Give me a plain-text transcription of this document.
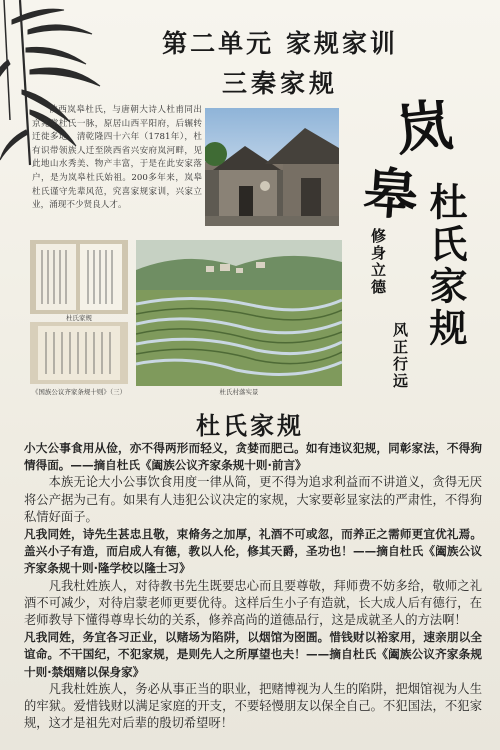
第二单元 家规家训
三秦家规
陕西岚皋杜氏，与唐朝大诗人杜甫同出京兆堂杜氏一脉，原居山西平阳府，后辗转迁徙多地。清乾隆四十六年（1781年），杜有识带领族人迁至陕西省兴安府岚河畔，见此地山水秀美、物产丰富，于是在此安家落户，是为岚皋杜氏始祖。200多年来，岚皋杜氏谨守先辈风范，究喜家规家训，兴家立业，涌现不少贤良人才。
杜氏家规

《国族公议齐家条规十则》（三）	杜氏村落实景
岚
皋 杜氏家规
修身立德
风正行远
杜氏家规

小大公事食用从俭，亦不得两形而轻义，贪婪而肥己。如有违议犯规，同彰家法，不得狗情得面。——摘自杜氏《阖族公议齐家条规十则·前言》

本族无论大小公事饮食用度一律从简，更不得为追求利益而不讲道义，贪得无厌将公产据为己有。如果有人违犯公议决定的家规，大家要彰显家法的严肃性，不得狗私情好面子。

凡我同姓，诗先生甚忠且敬，束脩务之加厚，礼酒不可或忽，而养正之需师更宜优礼焉。盖兴小子有造，而启成人有德，教以人伦，修其天爵，圣功也！——摘自杜氏《阖族公议齐家条规十则·隆学校以隆士习》

凡我杜姓族人，对待教书先生既要忠心而且要尊敬，拜师费不妨多给，敬师之礼酒不可减少，对待启蒙老师更要优待。这样后生小子有造就，长大成人后有德行，在老师教导下懂得尊卑长幼的关系，修养高尚的道德品行，这是成就圣人的方法啊！

凡我同姓，务宜各习正业，以赌场为陷阱，以烟馆为囹圄。惜钱财以裕家用，速亲朋以全谊命。不干国纪，不犯家规，是则先人之所厚望也夫！——摘自杜氏《阖族公议齐家条规十则·禁烟赌以保身家》

凡我杜姓族人，务必从事正当的职业，把赌博视为人生的陷阱，把烟馆视为人生的牢狱。爱惜钱财以满足家庭的开支，不要轻慢朋友以保全自己。不犯国法，不犯家规，这才是祖先对后辈的殷切希望呀！
